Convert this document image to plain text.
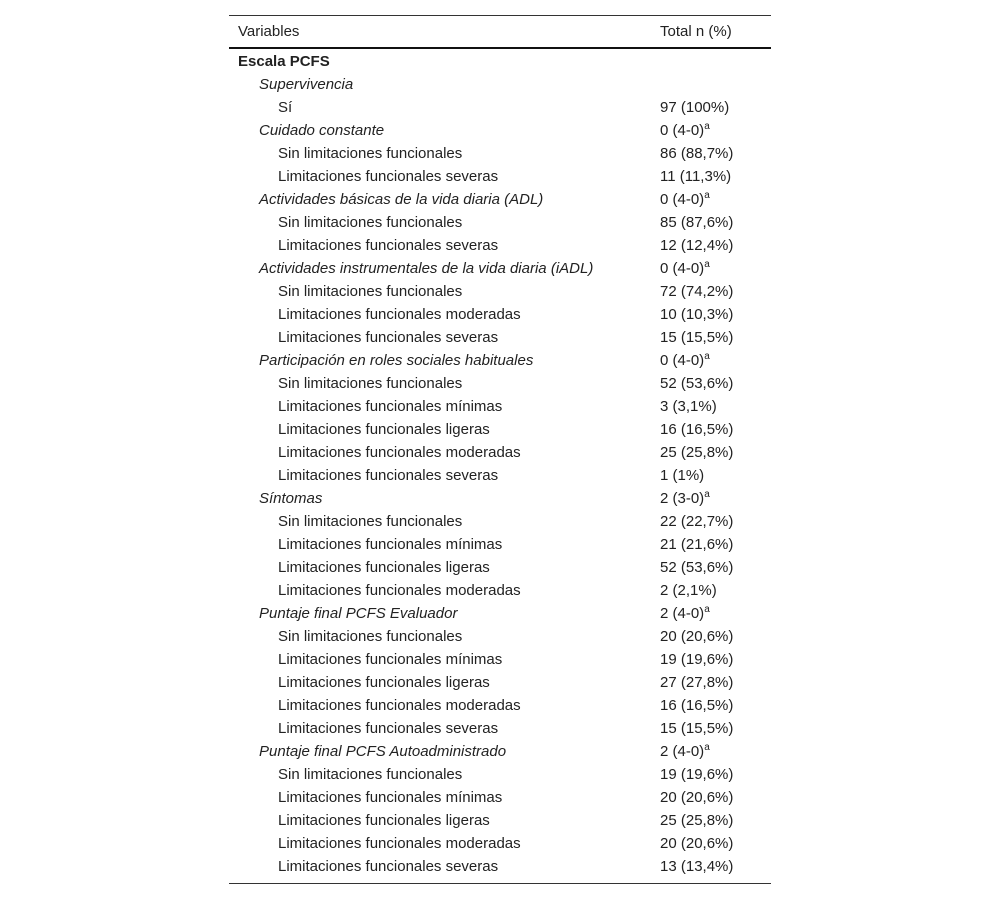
Variables	Total n (%)
Escala PCFS
Supervivencia
Sí	97 (100%)
Cuidado constante	0 $(4-0)^a$
Sin limitaciones funcionales	86 (88,7%)
Limitaciones funcionales severas	11 (11,3%)
Actividades básicas de la vida diaria (ADL)	0 $(4-0)^a$
Sin limitaciones funcionales	85 (87,6%)
Limitaciones funcionales severas	12 (12,4%)
Actividades instrumentales de la vida diaria (iADL)	0 $(4-0)^a$
Sin limitaciones funcionales	72 (74,2%)
Limitaciones funcionales moderadas	10 (10,3%)
Limitaciones funcionales severas	15 (15,5%)
Participación en roles sociales habituales	0 $(4-0)^a$
Sin limitaciones funcionales	52 (53,6%)
Limitaciones funcionales mínimas	3 (3,1%)
Limitaciones funcionales ligeras	16 (16,5%)
Limitaciones funcionales moderadas	25 (25,8%)
Limitaciones funcionales severas	1 (1%)
Síntomas	2 $(3-0)^a$
Sin limitaciones funcionales	22 (22,7%)
Limitaciones funcionales mínimas	21 (21,6%)
Limitaciones funcionales ligeras	52 (53,6%)
Limitaciones funcionales moderadas	2 (2,1%)
Puntaje final PCFS Evaluador	2 $(4-0)^a$
Sin limitaciones funcionales	20 (20,6%)
Limitaciones funcionales mínimas	19 (19,6%)
Limitaciones funcionales ligeras	27 (27,8%)
Limitaciones funcionales moderadas	16 (16,5%)
Limitaciones funcionales severas	15 (15,5%)
Puntaje final PCFS Autoadministrado	2 $(4-0)^a$
Sin limitaciones funcionales	19 (19,6%)
Limitaciones funcionales mínimas	20 (20,6%)
Limitaciones funcionales ligeras	25 (25,8%)
Limitaciones funcionales moderadas	20 (20,6%)
Limitaciones funcionales severas	13 (13,4%)
